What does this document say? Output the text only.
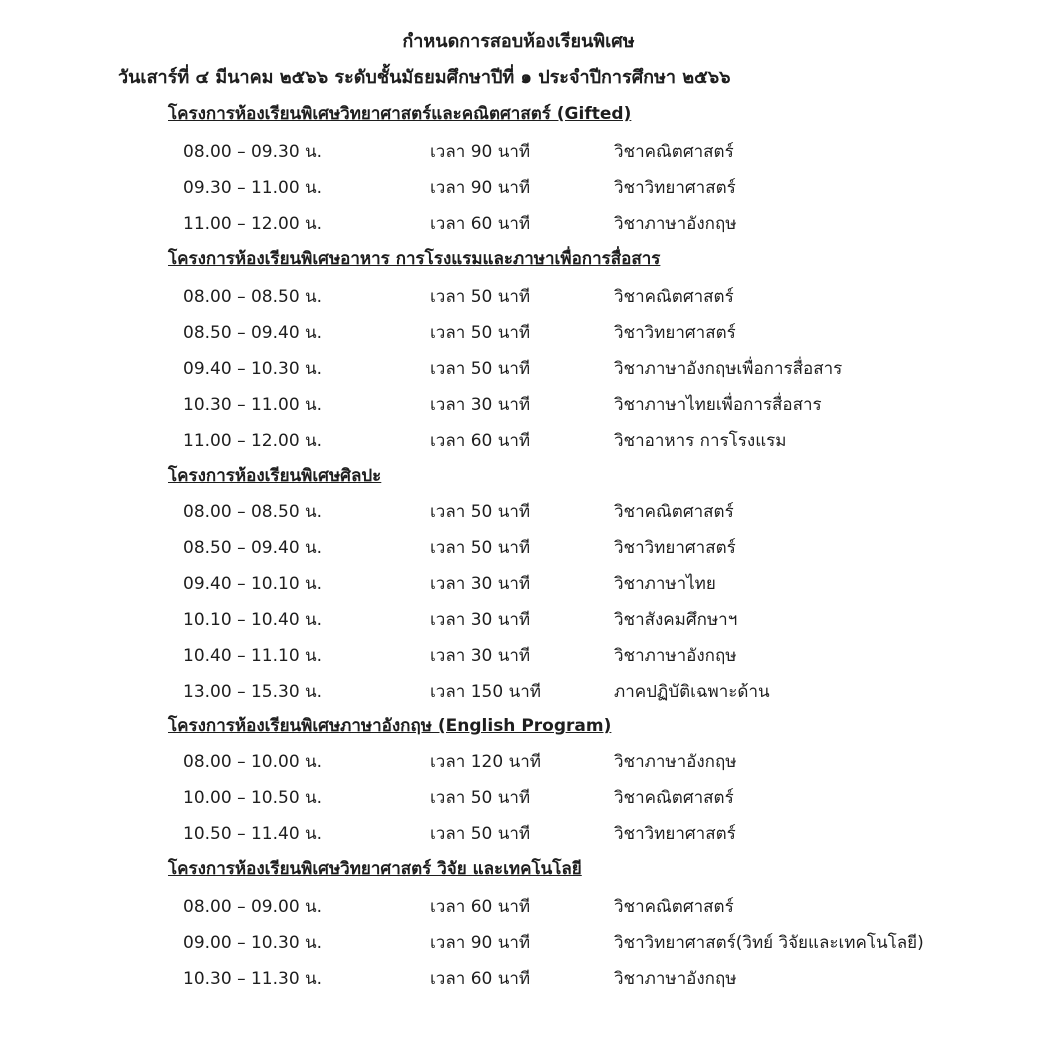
กำหนดการสอบห้องเรียนพิเศษ
วันเสาร์ที่ ๔ มีนาคม ๒๕๖๖ ระดับชั้นมัธยมศึกษาปีที่ ๑ ประจำปีการศึกษา ๒๕๖๖
โครงการห้องเรียนพิเศษวิทยาศาสตร์และคณิตศาสตร์ (Gifted)
08.00 – 09.30 น.	เวลา 90 นาที	วิชาคณิตศาสตร์
09.30 – 11.00 น.	เวลา 90 นาที	วิชาวิทยาศาสตร์
11.00 – 12.00 น.	เวลา 60 นาที	วิชาภาษาอังกฤษ
โครงการห้องเรียนพิเศษอาหาร การโรงแรมและภาษาเพื่อการสื่อสาร
08.00 – 08.50 น.	เวลา 50 นาที	วิชาคณิตศาสตร์
08.50 – 09.40 น.	เวลา 50 นาที	วิชาวิทยาศาสตร์
09.40 – 10.30 น.	เวลา 50 นาที	วิชาภาษาอังกฤษเพื่อการสื่อสาร
10.30 – 11.00 น.	เวลา 30 นาที	วิชาภาษาไทยเพื่อการสื่อสาร
11.00 – 12.00 น.	เวลา 60 นาที	วิชาอาหาร การโรงแรม
โครงการห้องเรียนพิเศษศิลปะ
08.00 – 08.50 น.	เวลา 50 นาที	วิชาคณิตศาสตร์
08.50 – 09.40 น.	เวลา 50 นาที	วิชาวิทยาศาสตร์
09.40 – 10.10 น.	เวลา 30 นาที	วิชาภาษาไทย
10.10 – 10.40 น.	เวลา 30 นาที	วิชาสังคมศึกษาฯ
10.40 – 11.10 น.	เวลา 30 นาที	วิชาภาษาอังกฤษ
13.00 – 15.30 น.	เวลา 150 นาที	ภาคปฏิบัติเฉพาะด้าน
โครงการห้องเรียนพิเศษภาษาอังกฤษ (English Program)
08.00 – 10.00 น.	เวลา 120 นาที	วิชาภาษาอังกฤษ
10.00 – 10.50 น.	เวลา 50 นาที	วิชาคณิตศาสตร์
10.50 – 11.40 น.	เวลา 50 นาที	วิชาวิทยาศาสตร์
โครงการห้องเรียนพิเศษวิทยาศาสตร์ วิจัย และเทคโนโลยี
08.00 – 09.00 น.	เวลา 60 นาที	วิชาคณิตศาสตร์
09.00 – 10.30 น.	เวลา 90 นาที	วิชาวิทยาศาสตร์(วิทย์ วิจัยและเทคโนโลยี)
10.30 – 11.30 น.	เวลา 60 นาที	วิชาภาษาอังกฤษ
